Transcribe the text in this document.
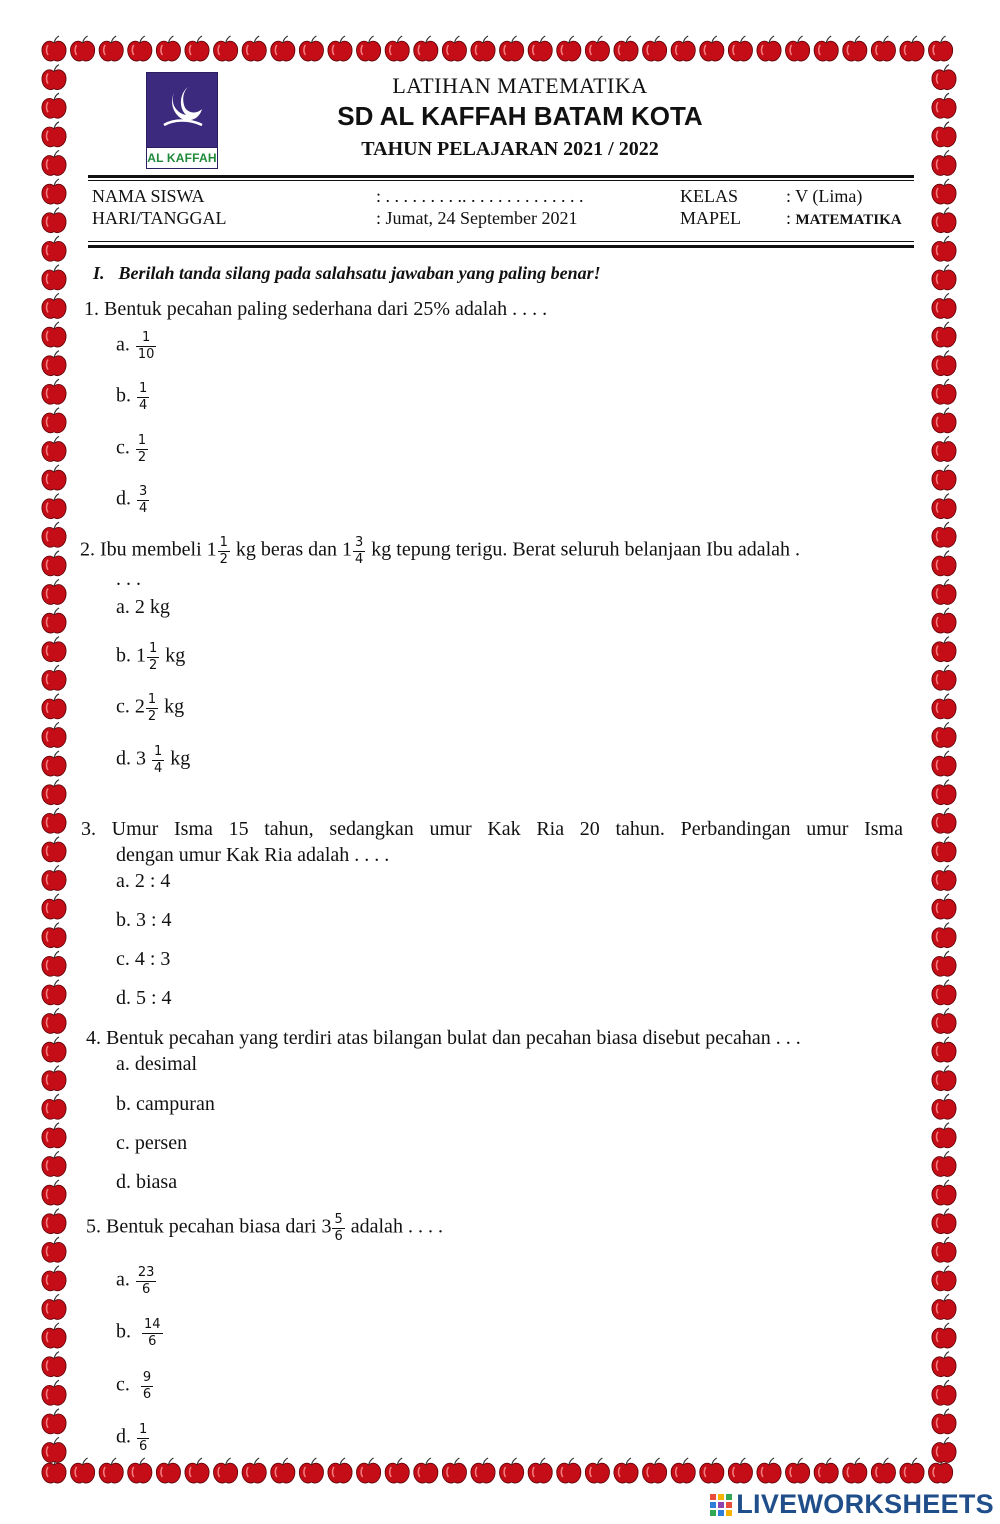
AL KAFFAH
LATIHAN MATEMATIKA
SD AL KAFFAH BATAM KOTA
TAHUN PELAJARAN 2021 / 2022
NAMA SISWA	: . . . . . . . . .. . . . . . . . . . . . . .	KELAS	: V (Lima)
HARI/TANGGAL	: Jumat, 24 September 2021	MAPEL : MATEMATIKA
I. Berilah tanda silang pada salahsatu jawaban yang paling benar!
1. Bentuk pecahan paling sederhana dari 25% adalah . . . .
a. $\frac{1}{10}$
b. $\frac{1}{4}$
c. $\frac{1}{2}$
d. $\frac{3}{4}$
2. Ibu membeli $1 \frac{1}{2}$ kg beras dan $1 \frac{3}{4}$ kg tepung terigu. Berat seluruh belanjaan Ibu adalah .
. . .
a. 2 kg
b. $1 \frac{1}{2}$ kg
c. $2 \frac{1}{2}$ kg
d. $3 \frac{1}{4}$ kg
3. Umur Isma 15 tahun, sedangkan umur Kak Ria 20 tahun. Perbandingan umur Isma
dengan umur Kak Ria adalah . . . .
a. 2 : 4
b. 3 : 4
c. 4 : 3
d. 5 : 4
4. Bentuk pecahan yang terdiri atas bilangan bulat dan pecahan biasa disebut pecahan . . .
a. desimal
b. campuran
c. persen
d. biasa
5. Bentuk pecahan biasa dari $3 \frac{5}{6}$ adalah . . . .
a. $\frac{23}{6}$
b. $\frac{14}{6}$
c. $\frac{9}{6}$
d. $\frac{1}{6}$
LIVEWORKSHEETS
